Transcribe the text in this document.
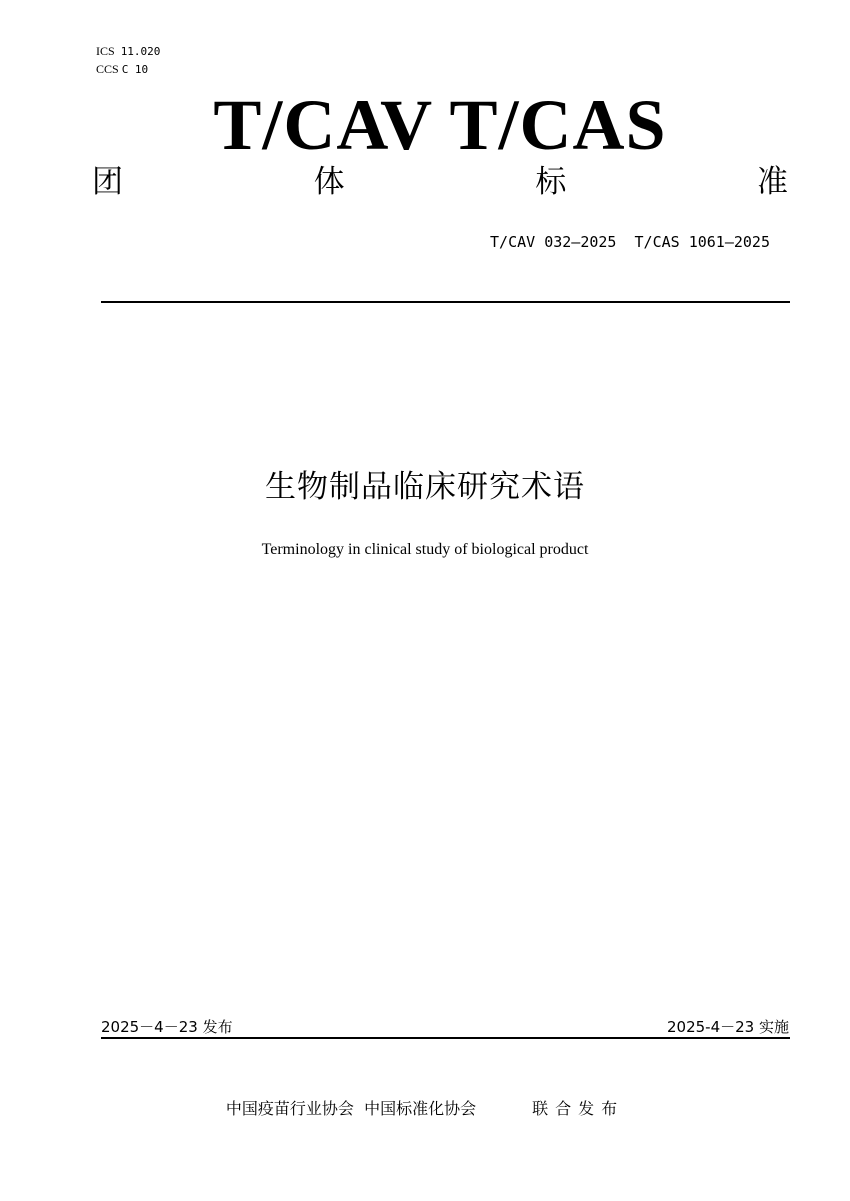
ICS 11.020
CCS C 10
T/CAV T/CAS
团	体	标	准
T/CAV 032—2025  T/CAS 1061—2025
生物制品临床研究术语
Terminology in clinical study of biological product
2025－4－23 发布	2025-4－23 实施
中国疫苗行业协会  中国标准化协会	联合发布
